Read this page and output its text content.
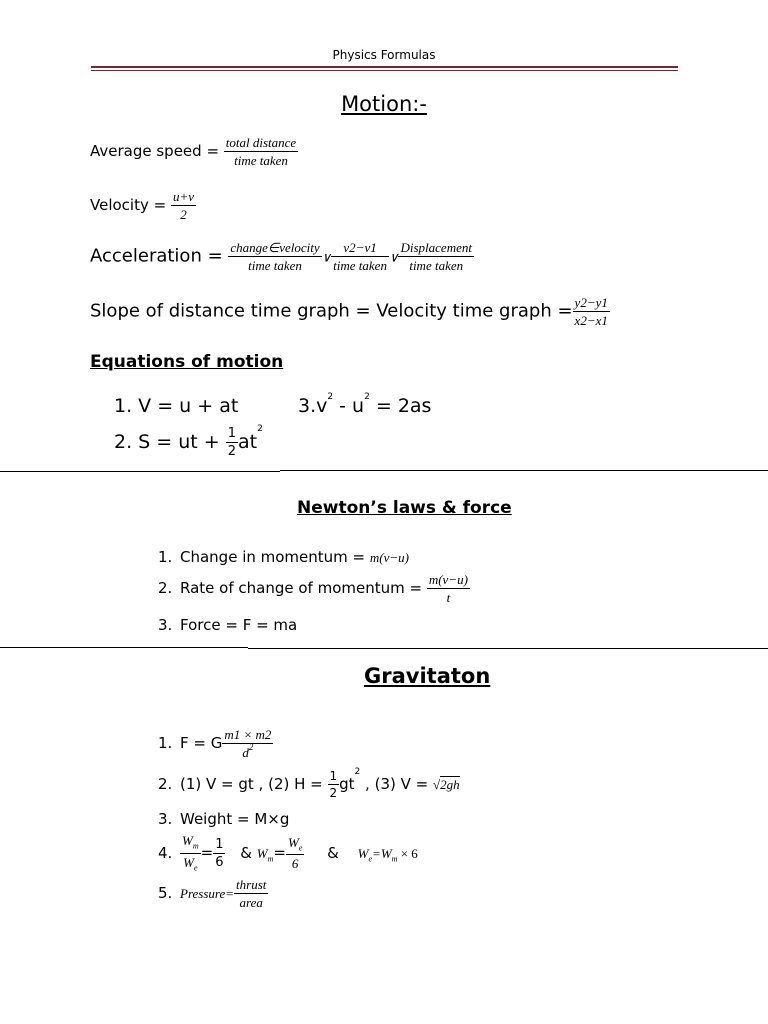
Physics Formulas
Motion:-
Average speed = $\frac{\text{total distance}}{\text{time taken}}$
Velocity = $\frac{u+v}{2}$
Acceleration = $\frac{\text{change∈velocity}}{\text{time taken}}$ ∨ $\frac{v2-v1}{\text{time taken}}$ ∨ $\frac{\text{Displacement}}{\text{time taken}}$
Slope of distance time graph = Velocity time graph = $\frac{y2-y1}{x2-x1}$
Equations of motion
1. V = u + at	$3.v^2 - u^2 = 2as$
2. S = ut + $\frac{1}{2} at^2$
Newton’s laws & force
1. Change in momentum = m(v−u)
2. Rate of change of momentum = $\frac{m(v-u)}{t}$
3. Force = F = ma
Gravitaton
1. F = G $\frac{m1 \times m2}{d^2}$
2. (1) V = gt , (2) $H = \frac{1}{2} gt^2$ , (3) V = √2gh
3. Weight = M×g
4. $\frac{W_m}{W_e} = \frac{1}{6}$ & $W_m= \frac{W_e}{6}$ & $W_e=W_m \times 6$
5. Pressure= $\frac{\text{thrust}}{\text{area}}$
